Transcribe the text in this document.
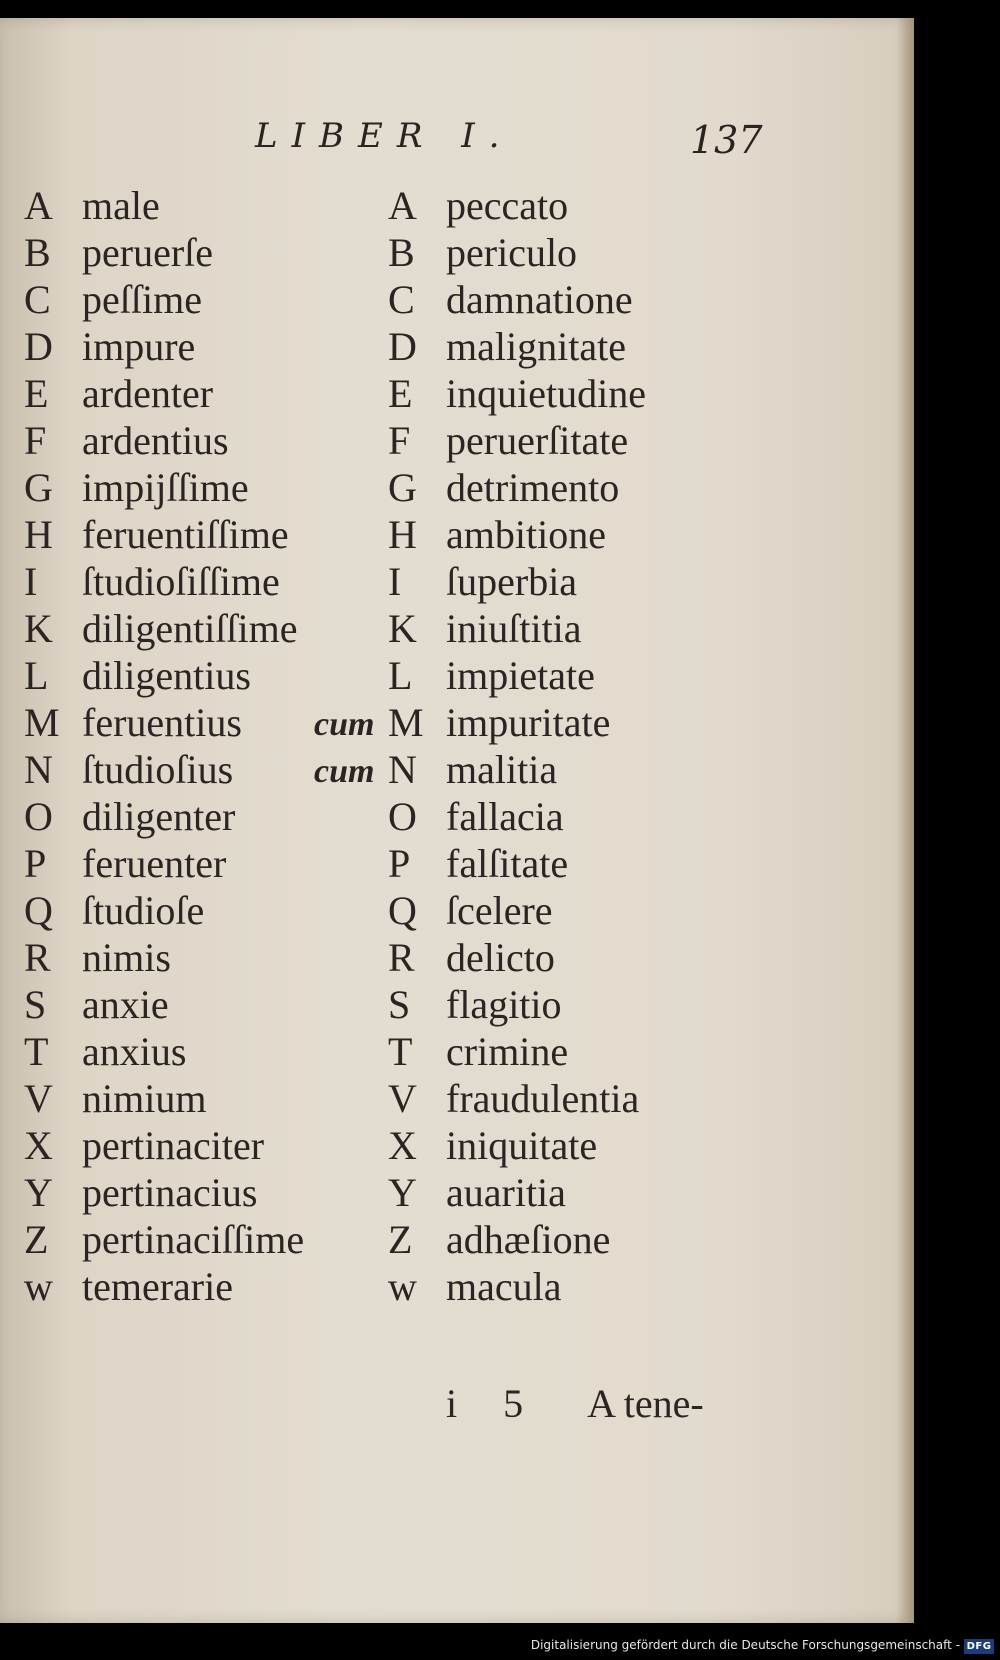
LIBER I.	137
A male
B peruerſe
C peſſime
D impure
E ardenter
F ardentius
G impijſſime
H feruentiſſime
I ſtudioſiſſime
K diligentiſſime
L diligentius
M feruentius
N ſtudioſius
O diligenter
P feruenter
Q ſtudioſe
R nimis
S anxie
T anxius
V nimium
X pertinaciter
Y pertinacius
Z pertinaciſſime
w temerarie
cum
cum
A peccato
B periculo
C damnatione
D malignitate
E inquietudine
F peruerſitate
G detrimento
H ambitione
I ſuperbia
K iniuſtitia
L impietate
M impuritate
N malitia
O fallacia
P falſitate
Q ſcelere
R delicto
S flagitio
T crimine
V fraudulentia
X iniquitate
Y auaritia
Z adhæſione
w macula
i 5 A tene-
Digitalisierung gefördert durch die Deutsche Forschungsgemeinschaft - DFG
